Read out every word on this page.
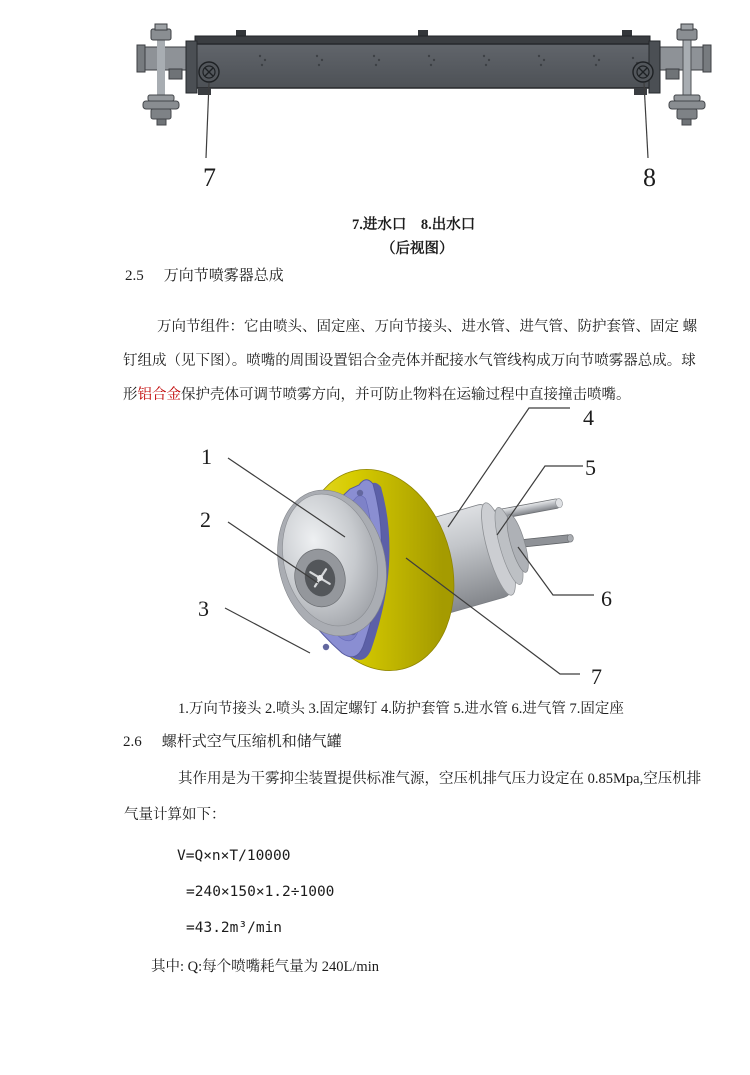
7	8
7.进水口　8.出水口
（后视图）
2.5 万向节喷雾器总成
万向节组件：它由喷头、固定座、万向节接头、进水管、进气管、防护套管、固定 螺
钉组成（见下图）。喷嘴的周围设置铝合金壳体并配接水气管线构成万向节喷雾器总成。球
形铝合金保护壳体可调节喷雾方向，并可防止物料在运输过程中直接撞击喷嘴。
1
2
3
4
5
6
7
1.万向节接头 2.喷头 3.固定螺钉 4.防护套管 5.进水管 6.进气管 7.固定座
2.6 螺杆式空气压缩机和储气罐
其作用是为干雾抑尘装置提供标准气源，空压机排气压力设定在 0.85Mpa,空压机排
气量计算如下：
V=Q×n×T/10000
=240×150×1.2÷1000
=43.2m³/min
其中: Q:每个喷嘴耗气量为 240L/min
